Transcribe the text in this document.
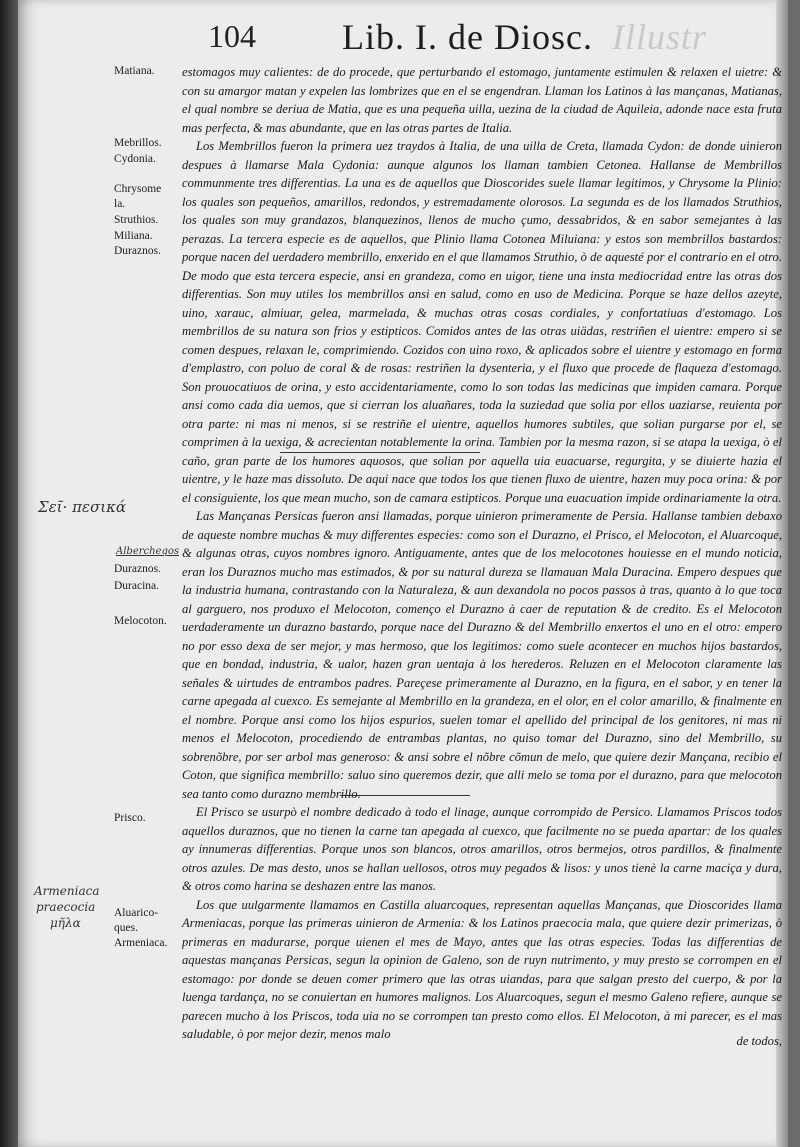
104 Lib. I. de Diosc. Illustr
Matiana.
Mebrillos.
Cydonia.
Chrysome
la.
Struthios.
Miliana.
Duraznos.
Duraznos.
Duracina.
Melocoton.
Prisco.
Aluarico-
ques.
Armeniaca.
Σεῖ· πεσικά
Albercheqos
Armeniaca
praecocia
μῆλα

estomagos muy calientes: de do procede, que perturbando el estomago, juntamente estimulen & relaxen el uietre: & con su amargor matan y expelen las lombrizes que en el se engendran. Llaman los Latinos à las mançanas, Matianas, el qual nombre se deriua de Matia, que es una pequeña uilla, uezina de la ciudad de Aquileia, adonde nace esta fruta mas perfecta, & mas abundante, que en las otras partes de Italia.

Los Membrillos fueron la primera uez traydos à Italia, de una uilla de Creta, llamada Cydon: de donde uinieron despues à llamarse Mala Cydonia: aunque algunos los llaman tambien Cetonea. Hallanse de Membrillos communmente tres differentias. La una es de aquellos que Dioscorides suele llamar legitimos, y Chrysome la Plinio: los quales son pequeños, amarillos, redondos, y estremadamente olorosos. La segunda es de los llamados Struthios, los quales son muy grandazos, blanquezinos, llenos de mucho çumo, dessabridos, & en sabor semejantes à las perazas. La tercera especie es de aquellos, que Plinio llama Cotonea Miluiana: y estos son membrillos bastardos: porque nacen del uerdadero membrillo, enxerido en el que llamamos Struthio, ò de aquesté por el contrario en el otro. De modo que esta tercera especie, ansi en grandeza, como en uigor, tiene una insta mediocridad entre las otras dos differentias. Son muy utiles los membrillos ansi en salud, como en uso de Medicina. Porque se haze dellos azeyte, uino, xarauc, almiuar, gelea, marmelada, & muchas otras cosas cordiales, y confortatiuas d'estomago. Los membrillos de su natura son frios y estipticos. Comidos antes de las otras uiädas, restriñen el uientre: empero si se comen despues, relaxan le, comprimiendo. Cozidos con uino roxo, & aplicados sobre el uientre y estomago en forma d'emplastro, con poluo de coral & de rosas: restriñen la dysenteria, y el fluxo que procede de flaqueza d'estomago. Son prouocatiuos de orina, y esto accidentariamente, como lo son todas las medicinas que impiden camara. Porque ansi como cada dia uemos, que si cierran los aluañares, toda la suziedad que solia por ellos uaziarse, reuienta por otra parte: ni mas ni menos, si se restriñe el uientre, aquellos humores subtiles, que solian purgarse por el, se comprimen à la uexiga, & acrecientan notablemente la orina. Tambien por la mesma razon, si se atapa la uexiga, ò el caño, gran parte de los humores aquosos, que solian por aquella uia euacuarse, regurgita, y se diuierte hazia el uientre, y le haze mas dissoluto. De aqui nace que todos los que tienen fluxo de uientre, hazen muy poca orina: & por el consiguiente, los que mean mucho, son de camara estipticos. Porque una euacuation impide ordinariamente la otra.

Las Mançanas Persicas fueron ansi llamadas, porque uinieron primeramente de Persia. Hallanse tambien debaxo de aqueste nombre muchas & muy differentes especies: como son el Durazno, el Prisco, el Melocoton, el Aluarcoque, & algunas otras, cuyos nombres ignoro. Antiguamente, antes que de los melocotones houiesse en el mundo noticia, eran los Duraznos mucho mas estimados, & por su natural dureza se llamauan Mala Duracina. Empero despues que la industria humana, contrastando con la Naturaleza, & aun dexandola no pocos passos à tras, quanto à lo que toca al garguero, nos produxo el Melocoton, començo el Durazno à caer de reputation & de credito. Es el Melocoton uerdaderamente un durazno bastardo, porque nace del Durazno & del Membrillo enxertos el uno en el otro: empero no por esso dexa de ser mejor, y mas hermoso, que los legitimos: como suele acontecer en muchos hijos bastardos, que en bondad, industria, & ualor, hazen gran uentaja à los herederos. Reluzen en el Melocoton claramente las señales & uirtudes de entrambos padres. Pareçese primeramente al Durazno, en la figura, en el sabor, y en tener la carne apegada al cuexco. Es semejante al Membrillo en la grandeza, en el olor, en el color amarillo, & finalmente en el nombre. Porque ansi como los hijos espurios, suelen tomar el apellido del principal de los genitores, ni mas ni menos el Melocoton, procediendo de entrambas plantas, no quiso tomar del Durazno, sino del Membrillo, su sobrenõbre, por ser arbol mas generoso: & ansi sobre el nõbre cõmun de melo, que quiere dezir Mançana, recibio el Coton, que significa membrillo: saluo sino queremos dezir, que alli melo se toma por el durazno, para que melocoton sea tanto como durazno membrillo.

El Prisco se usurpò el nombre dedicado à todo el linage, aunque corrompido de Persico. Llamamos Priscos todos aquellos duraznos, que no tienen la carne tan apegada al cuexco, que facilmente no se pueda apartar: de los quales ay innumeras differentias. Porque unos son blancos, otros amarillos, otros bermejos, otros pardillos, & finalmente otros azules. De mas desto, unos se hallan uellosos, otros muy pegados & lisos: y unos tienè la carne maciça y dura, & otros como harina se deshazen entre las manos.

Los que uulgarmente llamamos en Castilla aluarcoques, representan aquellas Mançanas, que Dioscorides llama Armeniacas, porque las primeras uinieron de Armenia: & los Latinos praecocia mala, que quiere dezir primerizas, ò primeras en madurarse, porque uienen el mes de Mayo, antes que las otras especies. Todas las differentias de aquestas mançanas Persicas, segun la opinion de Galeno, son de ruyn nutrimento, y muy presto se corrompen en el estomago: por donde se deuen comer primero que las otras uiandas, para que salgan presto del cuerpo, & por la luenga tardança, no se conuiertan en humores malignos. Los Aluarcoques, segun el mesmo Galeno refiere, aunque se parecen mucho à los Priscos, toda uia no se corrompen tan presto como ellos. El Melocoton, à mi parecer, es el mas saludable, ò por mejor dezir, menos malo	de todos,
